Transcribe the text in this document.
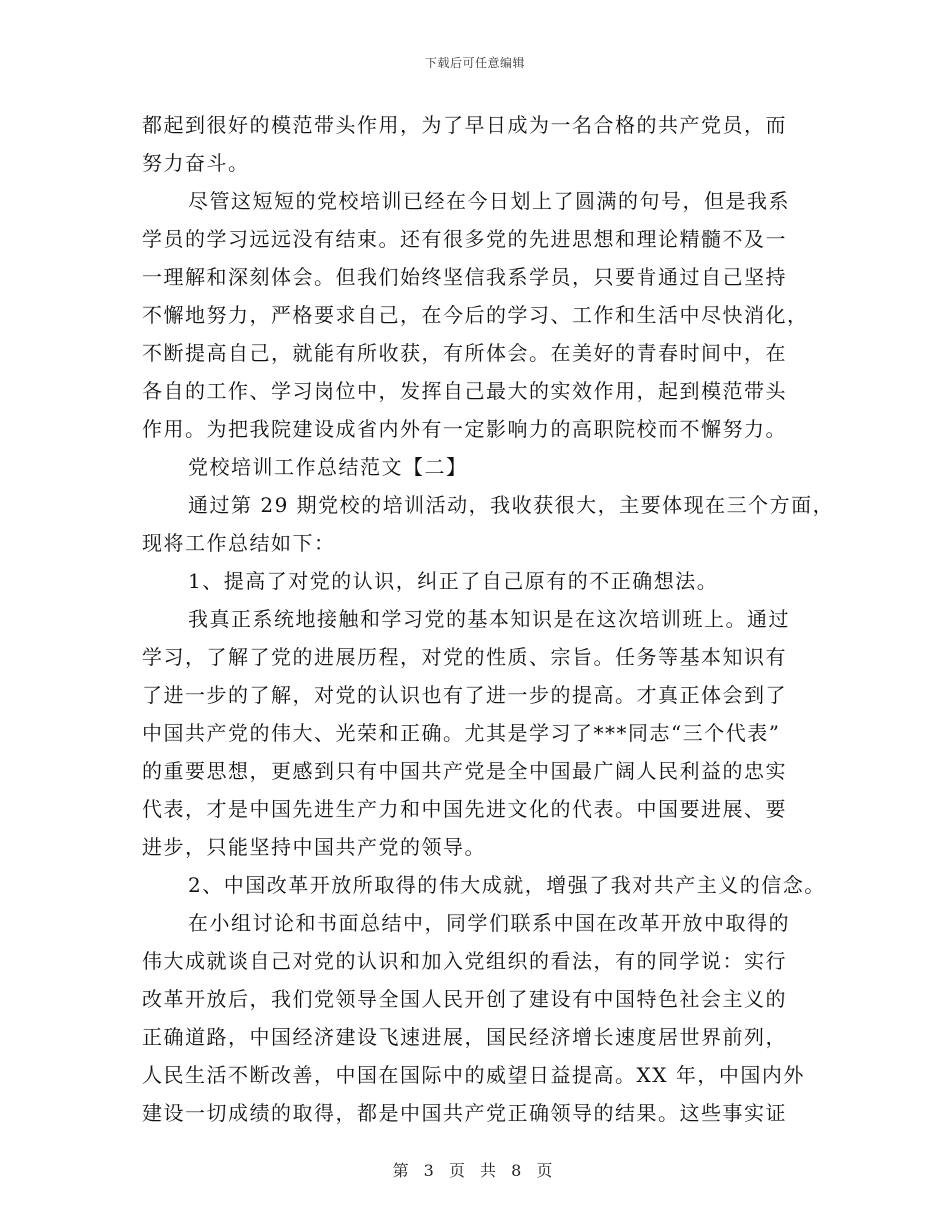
下载后可任意编辑
都起到很好的模范带头作用，为了早日成为一名合格的共产党员，而
努力奋斗。
尽管这短短的党校培训已经在今日划上了圆满的句号，但是我系
学员的学习远远没有结束。还有很多党的先进思想和理论精髓不及一
一理解和深刻体会。但我们始终坚信我系学员，只要肯通过自己坚持
不懈地努力，严格要求自己，在今后的学习、工作和生活中尽快消化，
不断提高自己，就能有所收获，有所体会。在美好的青春时间中，在
各自的工作、学习岗位中，发挥自己最大的实效作用，起到模范带头
作用。为把我院建设成省内外有一定影响力的高职院校而不懈努力。
党校培训工作总结范文【二】
通过第 29 期党校的培训活动，我收获很大，主要体现在三个方面，
现将工作总结如下：
1、提高了对党的认识，纠正了自己原有的不正确想法。
我真正系统地接触和学习党的基本知识是在这次培训班上。通过
学习，了解了党的进展历程，对党的性质、宗旨。任务等基本知识有
了进一步的了解，对党的认识也有了进一步的提高。才真正体会到了
中国共产党的伟大、光荣和正确。尤其是学习了***同志“三个代表”
的重要思想，更感到只有中国共产党是全中国最广阔人民利益的忠实
代表，才是中国先进生产力和中国先进文化的代表。中国要进展、要
进步，只能坚持中国共产党的领导。
2、中国改革开放所取得的伟大成就，增强了我对共产主义的信念。
在小组讨论和书面总结中，同学们联系中国在改革开放中取得的
伟大成就谈自己对党的认识和加入党组织的看法，有的同学说：实行
改革开放后，我们党领导全国人民开创了建设有中国特色社会主义的
正确道路，中国经济建设飞速进展，国民经济增长速度居世界前列，
人民生活不断改善，中国在国际中的威望日益提高。XX 年，中国内外
建设一切成绩的取得，都是中国共产党正确领导的结果。这些事实证
第 3 页 共 8 页
